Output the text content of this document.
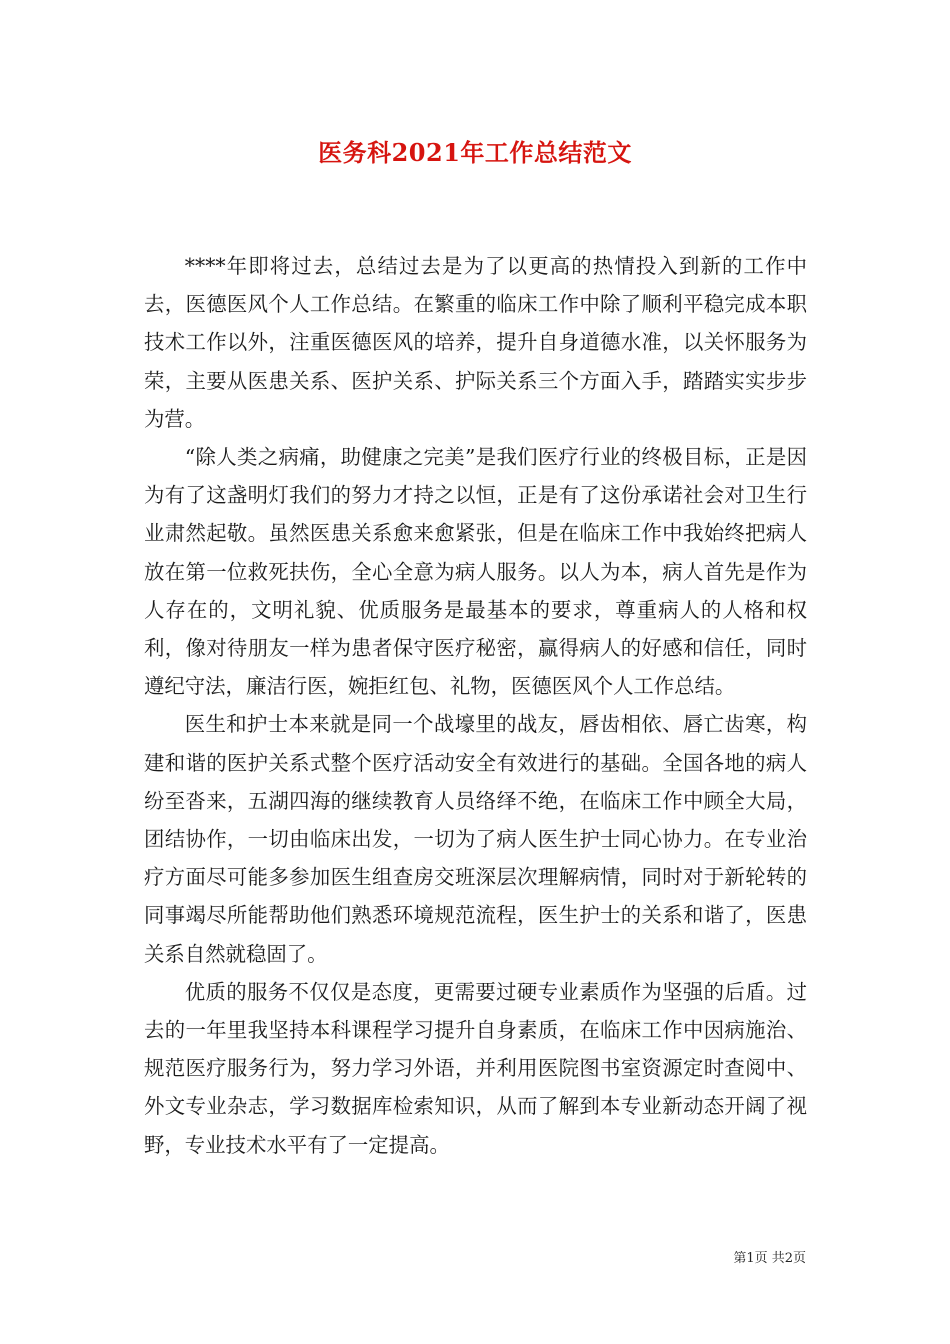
医务科2021年工作总结范文

****年即将过去，总结过去是为了以更高的热情投入到新的工作中去，医德医风个人工作总结。在繁重的临床工作中除了顺利平稳完成本职技术工作以外，注重医德医风的培养，提升自身道德水准，以关怀服务为荣，主要从医患关系、医护关系、护际关系三个方面入手，踏踏实实步步为营。

“除人类之病痛，助健康之完美”是我们医疗行业的终极目标，正是因为有了这盏明灯我们的努力才持之以恒，正是有了这份承诺社会对卫生行业肃然起敬。虽然医患关系愈来愈紧张，但是在临床工作中我始终把病人放在第一位救死扶伤，全心全意为病人服务。以人为本，病人首先是作为人存在的，文明礼貌、优质服务是最基本的要求，尊重病人的人格和权利，像对待朋友一样为患者保守医疗秘密，赢得病人的好感和信任，同时遵纪守法，廉洁行医，婉拒红包、礼物，医德医风个人工作总结。

医生和护士本来就是同一个战壕里的战友，唇齿相依、唇亡齿寒，构建和谐的医护关系式整个医疗活动安全有效进行的基础。全国各地的病人纷至沓来，五湖四海的继续教育人员络绎不绝，在临床工作中顾全大局，团结协作，一切由临床出发，一切为了病人医生护士同心协力。在专业治疗方面尽可能多参加医生组查房交班深层次理解病情，同时对于新轮转的同事竭尽所能帮助他们熟悉环境规范流程，医生护士的关系和谐了，医患关系自然就稳固了。

优质的服务不仅仅是态度，更需要过硬专业素质作为坚强的后盾。过去的一年里我坚持本科课程学习提升自身素质，在临床工作中因病施治、规范医疗服务行为，努力学习外语，并利用医院图书室资源定时查阅中、外文专业杂志，学习数据库检索知识，从而了解到本专业新动态开阔了视野，专业技术水平有了一定提高。

第1页 共2页
